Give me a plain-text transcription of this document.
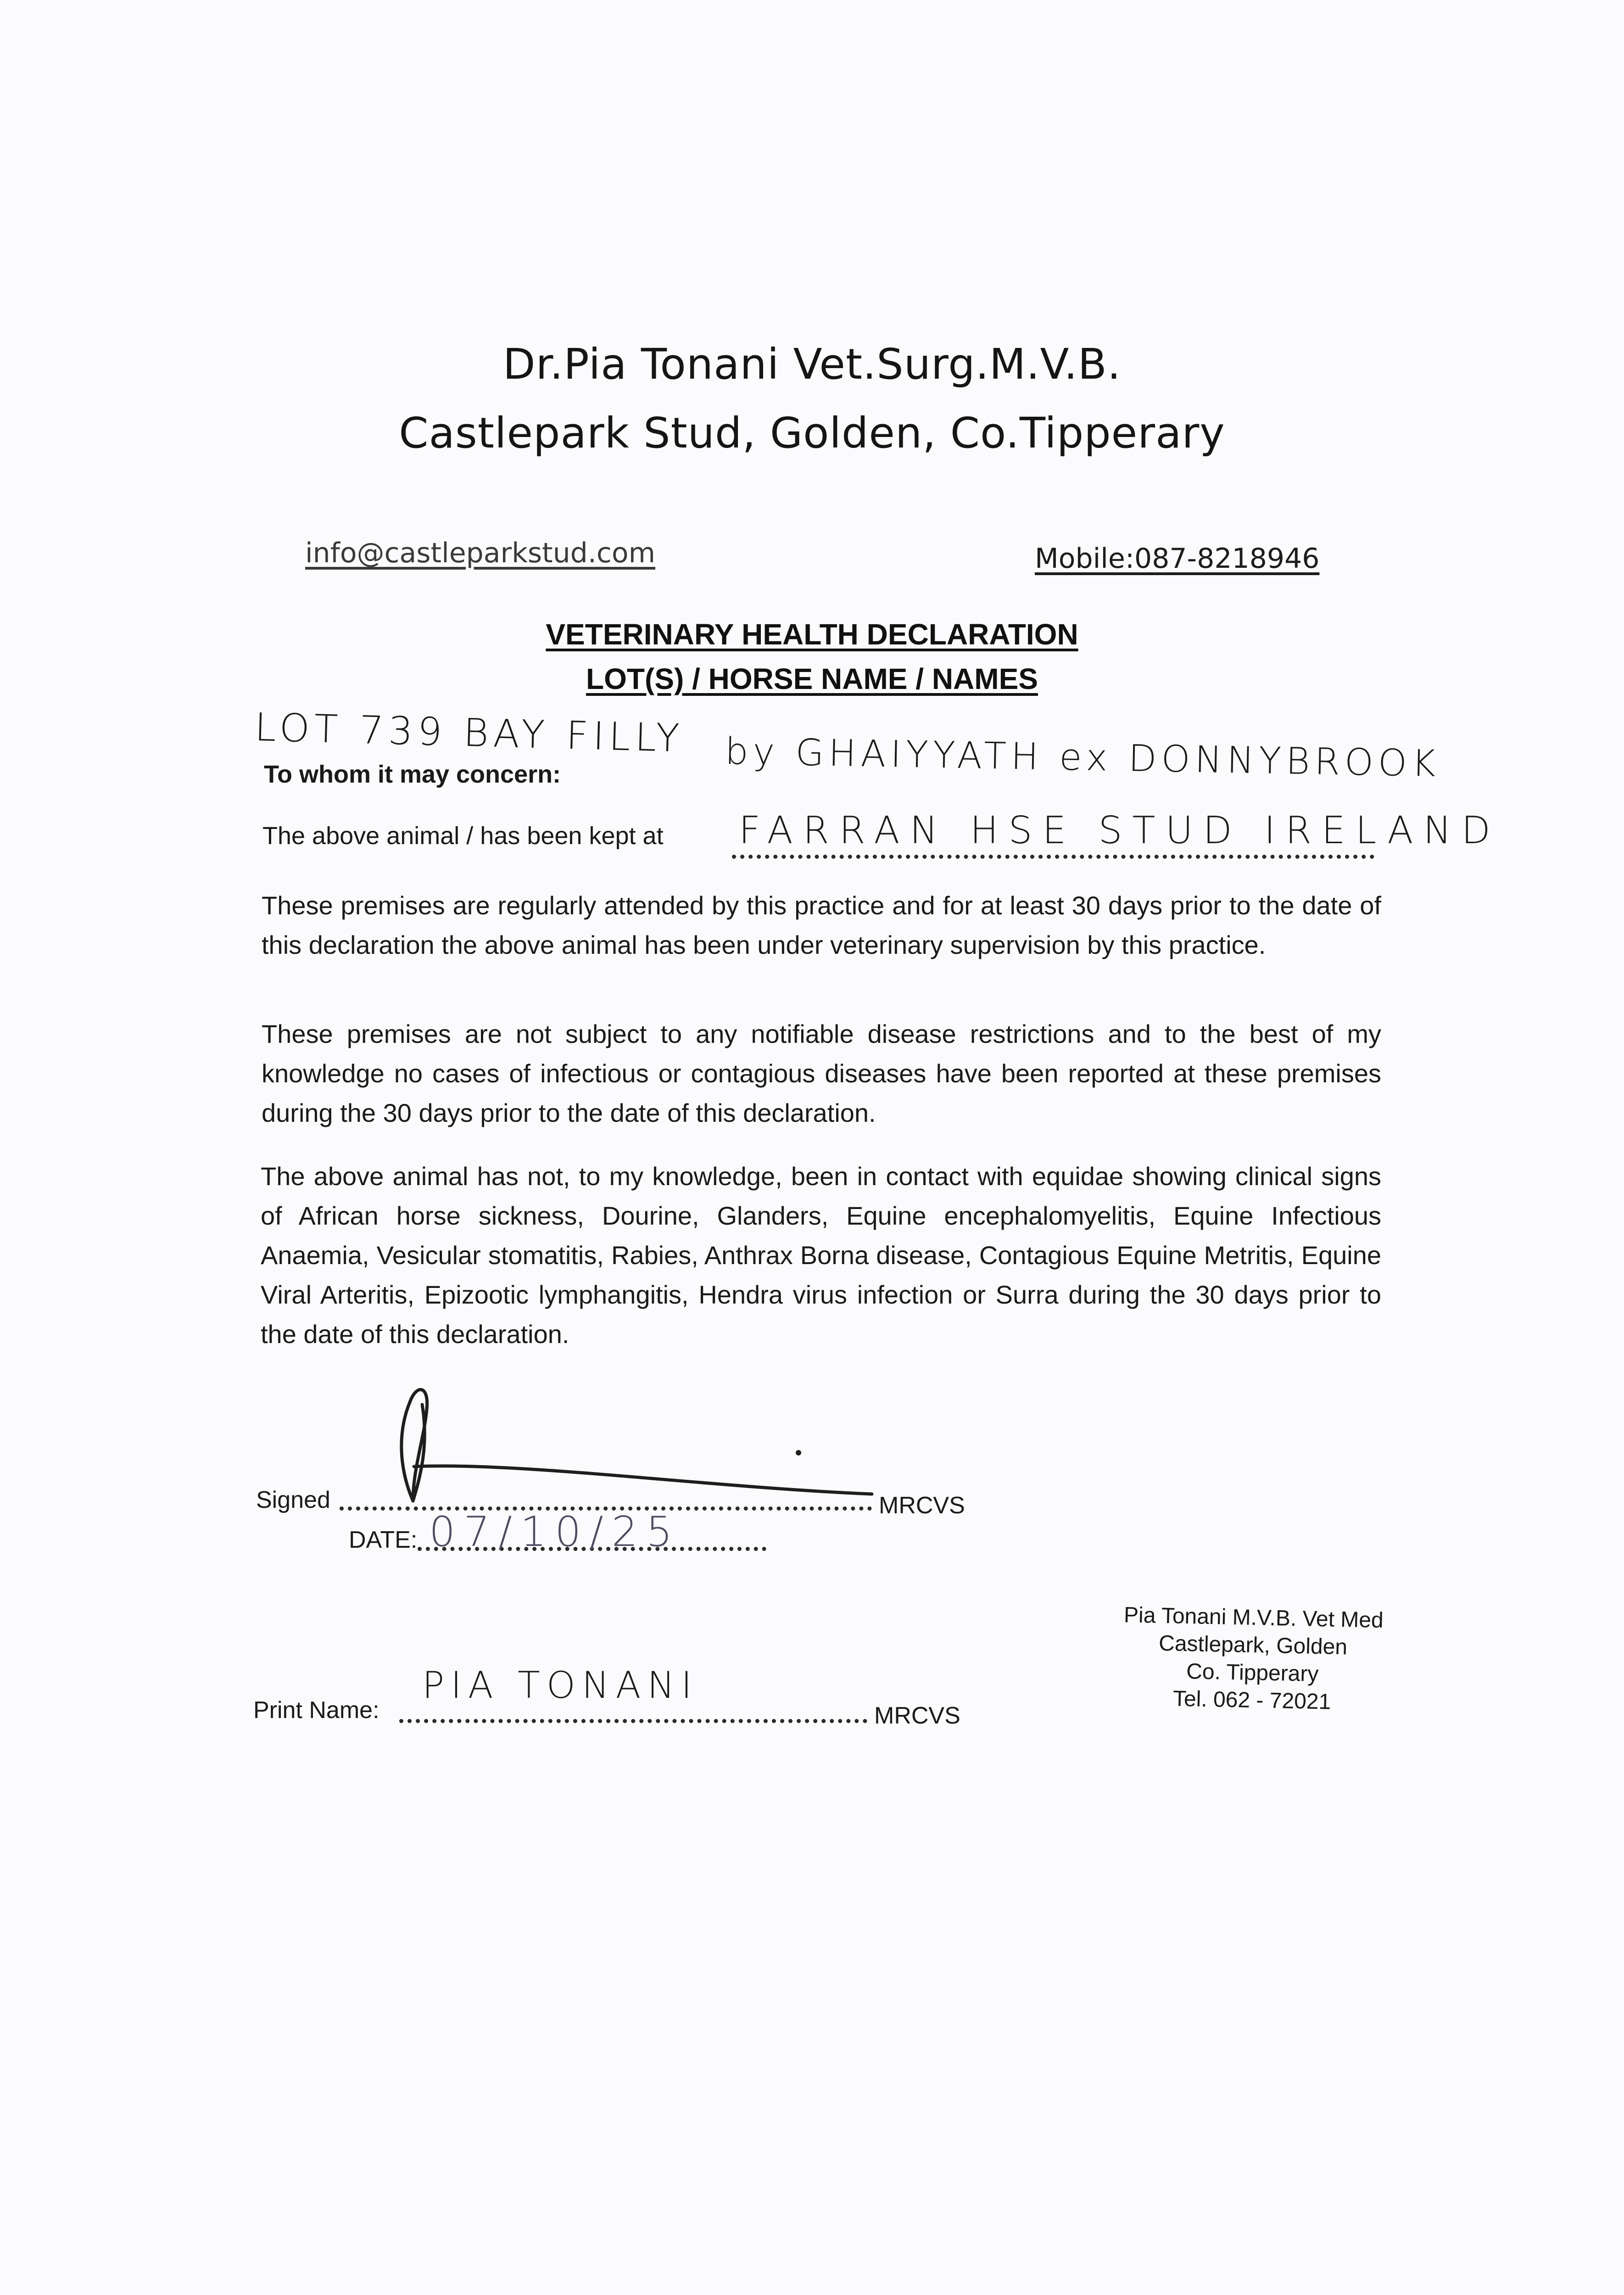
Dr.Pia Tonani Vet.Surg.M.V.B.
Castlepark Stud, Golden, Co.Tipperary
info@castleparkstud.com	Mobile:087-8218946
VETERINARY HEALTH DECLARATION
LOT(S) / HORSE NAME / NAMES
LOT 739 BAY FILLY by GHAIYYATH ex DONNYBROOK
To whom it may concern:
The above animal / has been kept at FARRAN HSE STUD IRELAND

These premises are regularly attended by this practice and for at least 30 days prior to the date of this declaration the above animal has been under veterinary supervision by this practice.

These premises are not subject to any notifiable disease restrictions and to the best of my knowledge no cases of infectious or contagious diseases have been reported at these premises during the 30 days prior to the date of this declaration.

The above animal has not, to my knowledge, been in contact with equidae showing clinical signs of African horse sickness, Dourine, Glanders, Equine encephalomyelitis, Equine Infectious Anaemia, Vesicular stomatitis, Rabies, Anthrax Borna disease, Contagious Equine Metritis, Equine Viral Arteritis, Epizootic lymphangitis, Hendra virus infection or Surra during the 30 days prior to the date of this declaration.

Signed	MRCVS
DATE: 07/10/25
Print Name:
PIA TONANI
MRCVS
Pia Tonani M.V.B. Vet Med
Castlepark, Golden
Co. Tipperary
Tel. 062 - 72021
